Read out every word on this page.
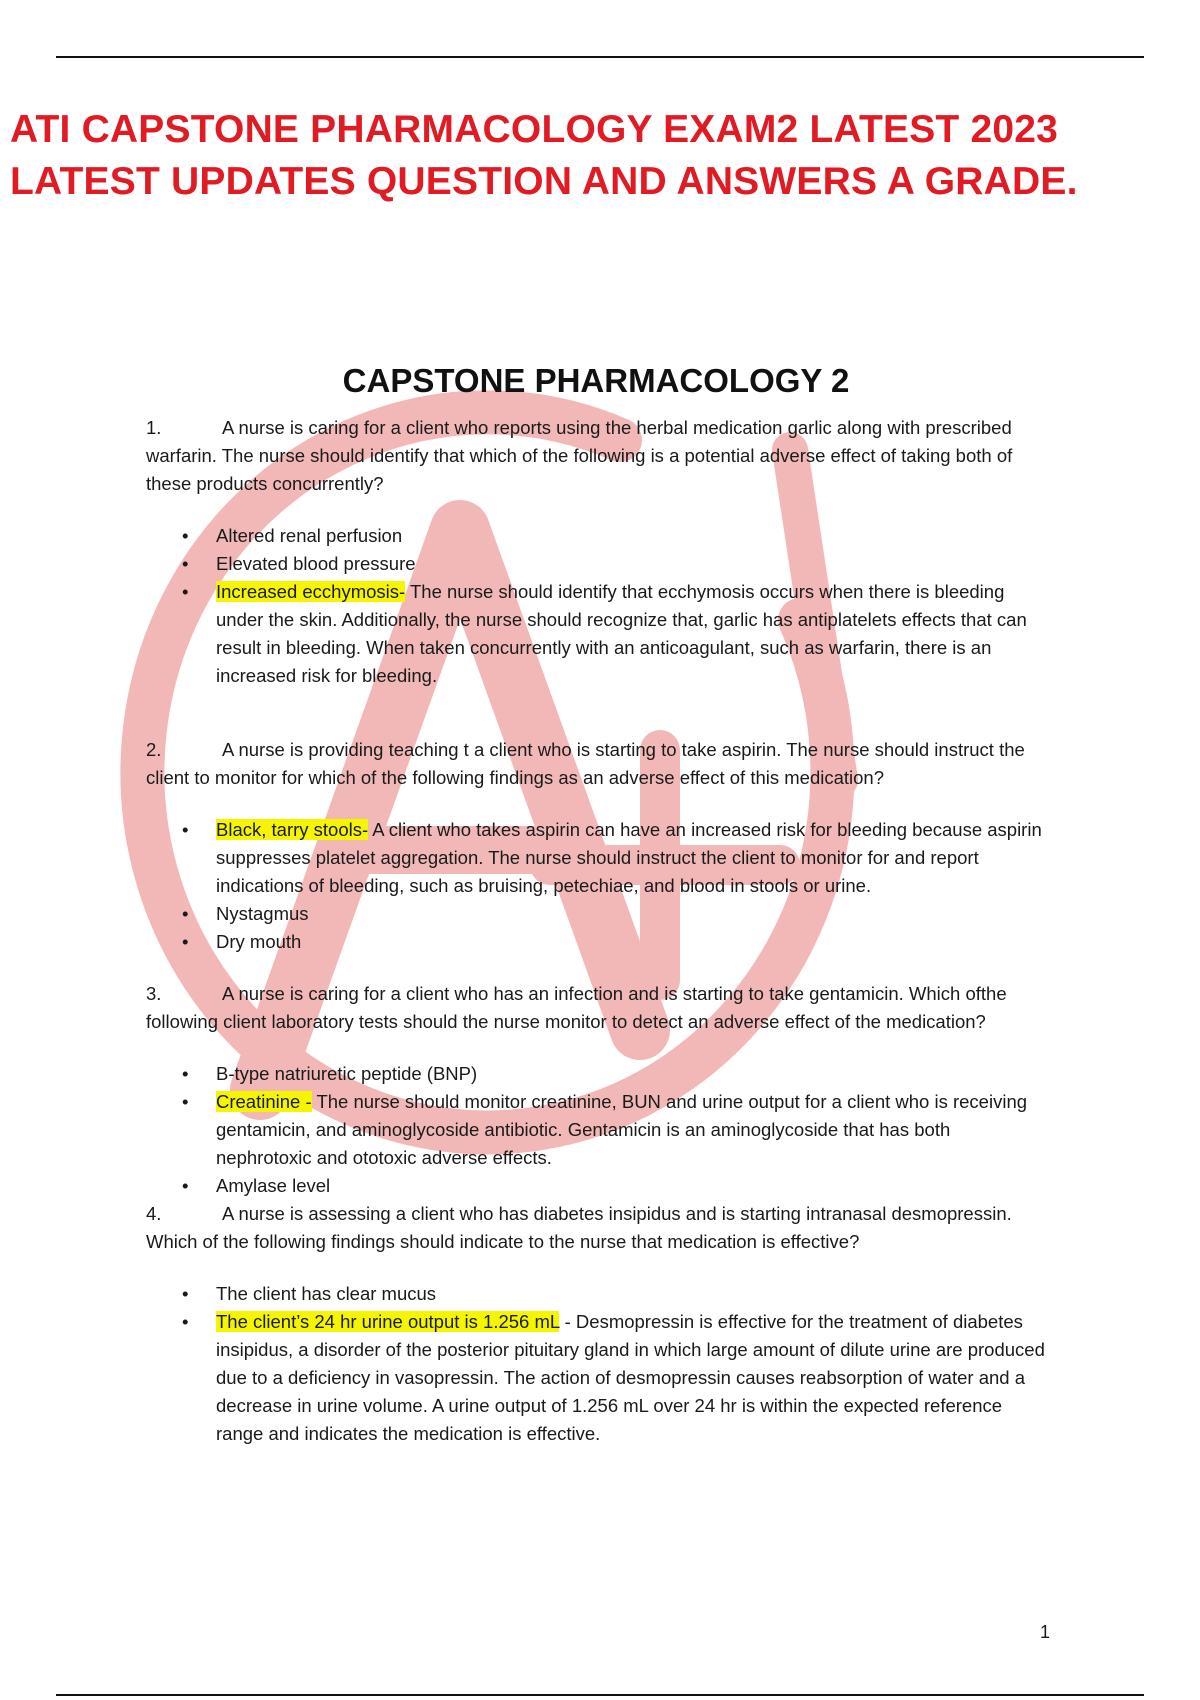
ATI CAPSTONE PHARMACOLOGY EXAM2 LATEST 2023
LATEST UPDATES QUESTION AND ANSWERS A GRADE.
CAPSTONE PHARMACOLOGY 2

1.	A nurse is caring for a client who reports using the herbal medication garlic along with prescribed warfarin. The nurse should identify that which of the following is a potential adverse effect of taking both of these products concurrently?

• Altered renal perfusion
• Elevated blood pressure
• Increased ecchymosis- The nurse should identify that ecchymosis occurs when there is bleeding under the skin. Additionally, the nurse should recognize that, garlic has antiplatelets effects that can result in bleeding. When taken concurrently with an anticoagulant, such as warfarin, there is an increased risk for bleeding.

2.	A nurse is providing teaching t a client who is starting to take aspirin. The nurse should instruct the client to monitor for which of the following findings as an adverse effect of this medication?

• Black, tarry stools- A client who takes aspirin can have an increased risk for bleeding because aspirin suppresses platelet aggregation. The nurse should instruct the client to monitor for and report indications of bleeding, such as bruising, petechiae, and blood in stools or urine.
• Nystagmus
• Dry mouth

3.	A nurse is caring for a client who has an infection and is starting to take gentamicin. Which ofthe following client laboratory tests should the nurse monitor to detect an adverse effect of the medication?

• B-type natriuretic peptide (BNP)
• Creatinine - The nurse should monitor creatinine, BUN and urine output for a client who is receiving gentamicin, and aminoglycoside antibiotic. Gentamicin is an aminoglycoside that has both nephrotoxic and ototoxic adverse effects.
• Amylase level

4.	A nurse is assessing a client who has diabetes insipidus and is starting intranasal desmopressin. Which of the following findings should indicate to the nurse that medication is effective?

• The client has clear mucus
• The client’s 24 hr urine output is 1.256 mL - Desmopressin is effective for the treatment of diabetes insipidus, a disorder of the posterior pituitary gland in which large amount of dilute urine are produced due to a deficiency in vasopressin. The action of desmopressin causes reabsorption of water and a decrease in urine volume. A urine output of 1.256 mL over 24 hr is within the expected reference range and indicates the medication is effective.
1
